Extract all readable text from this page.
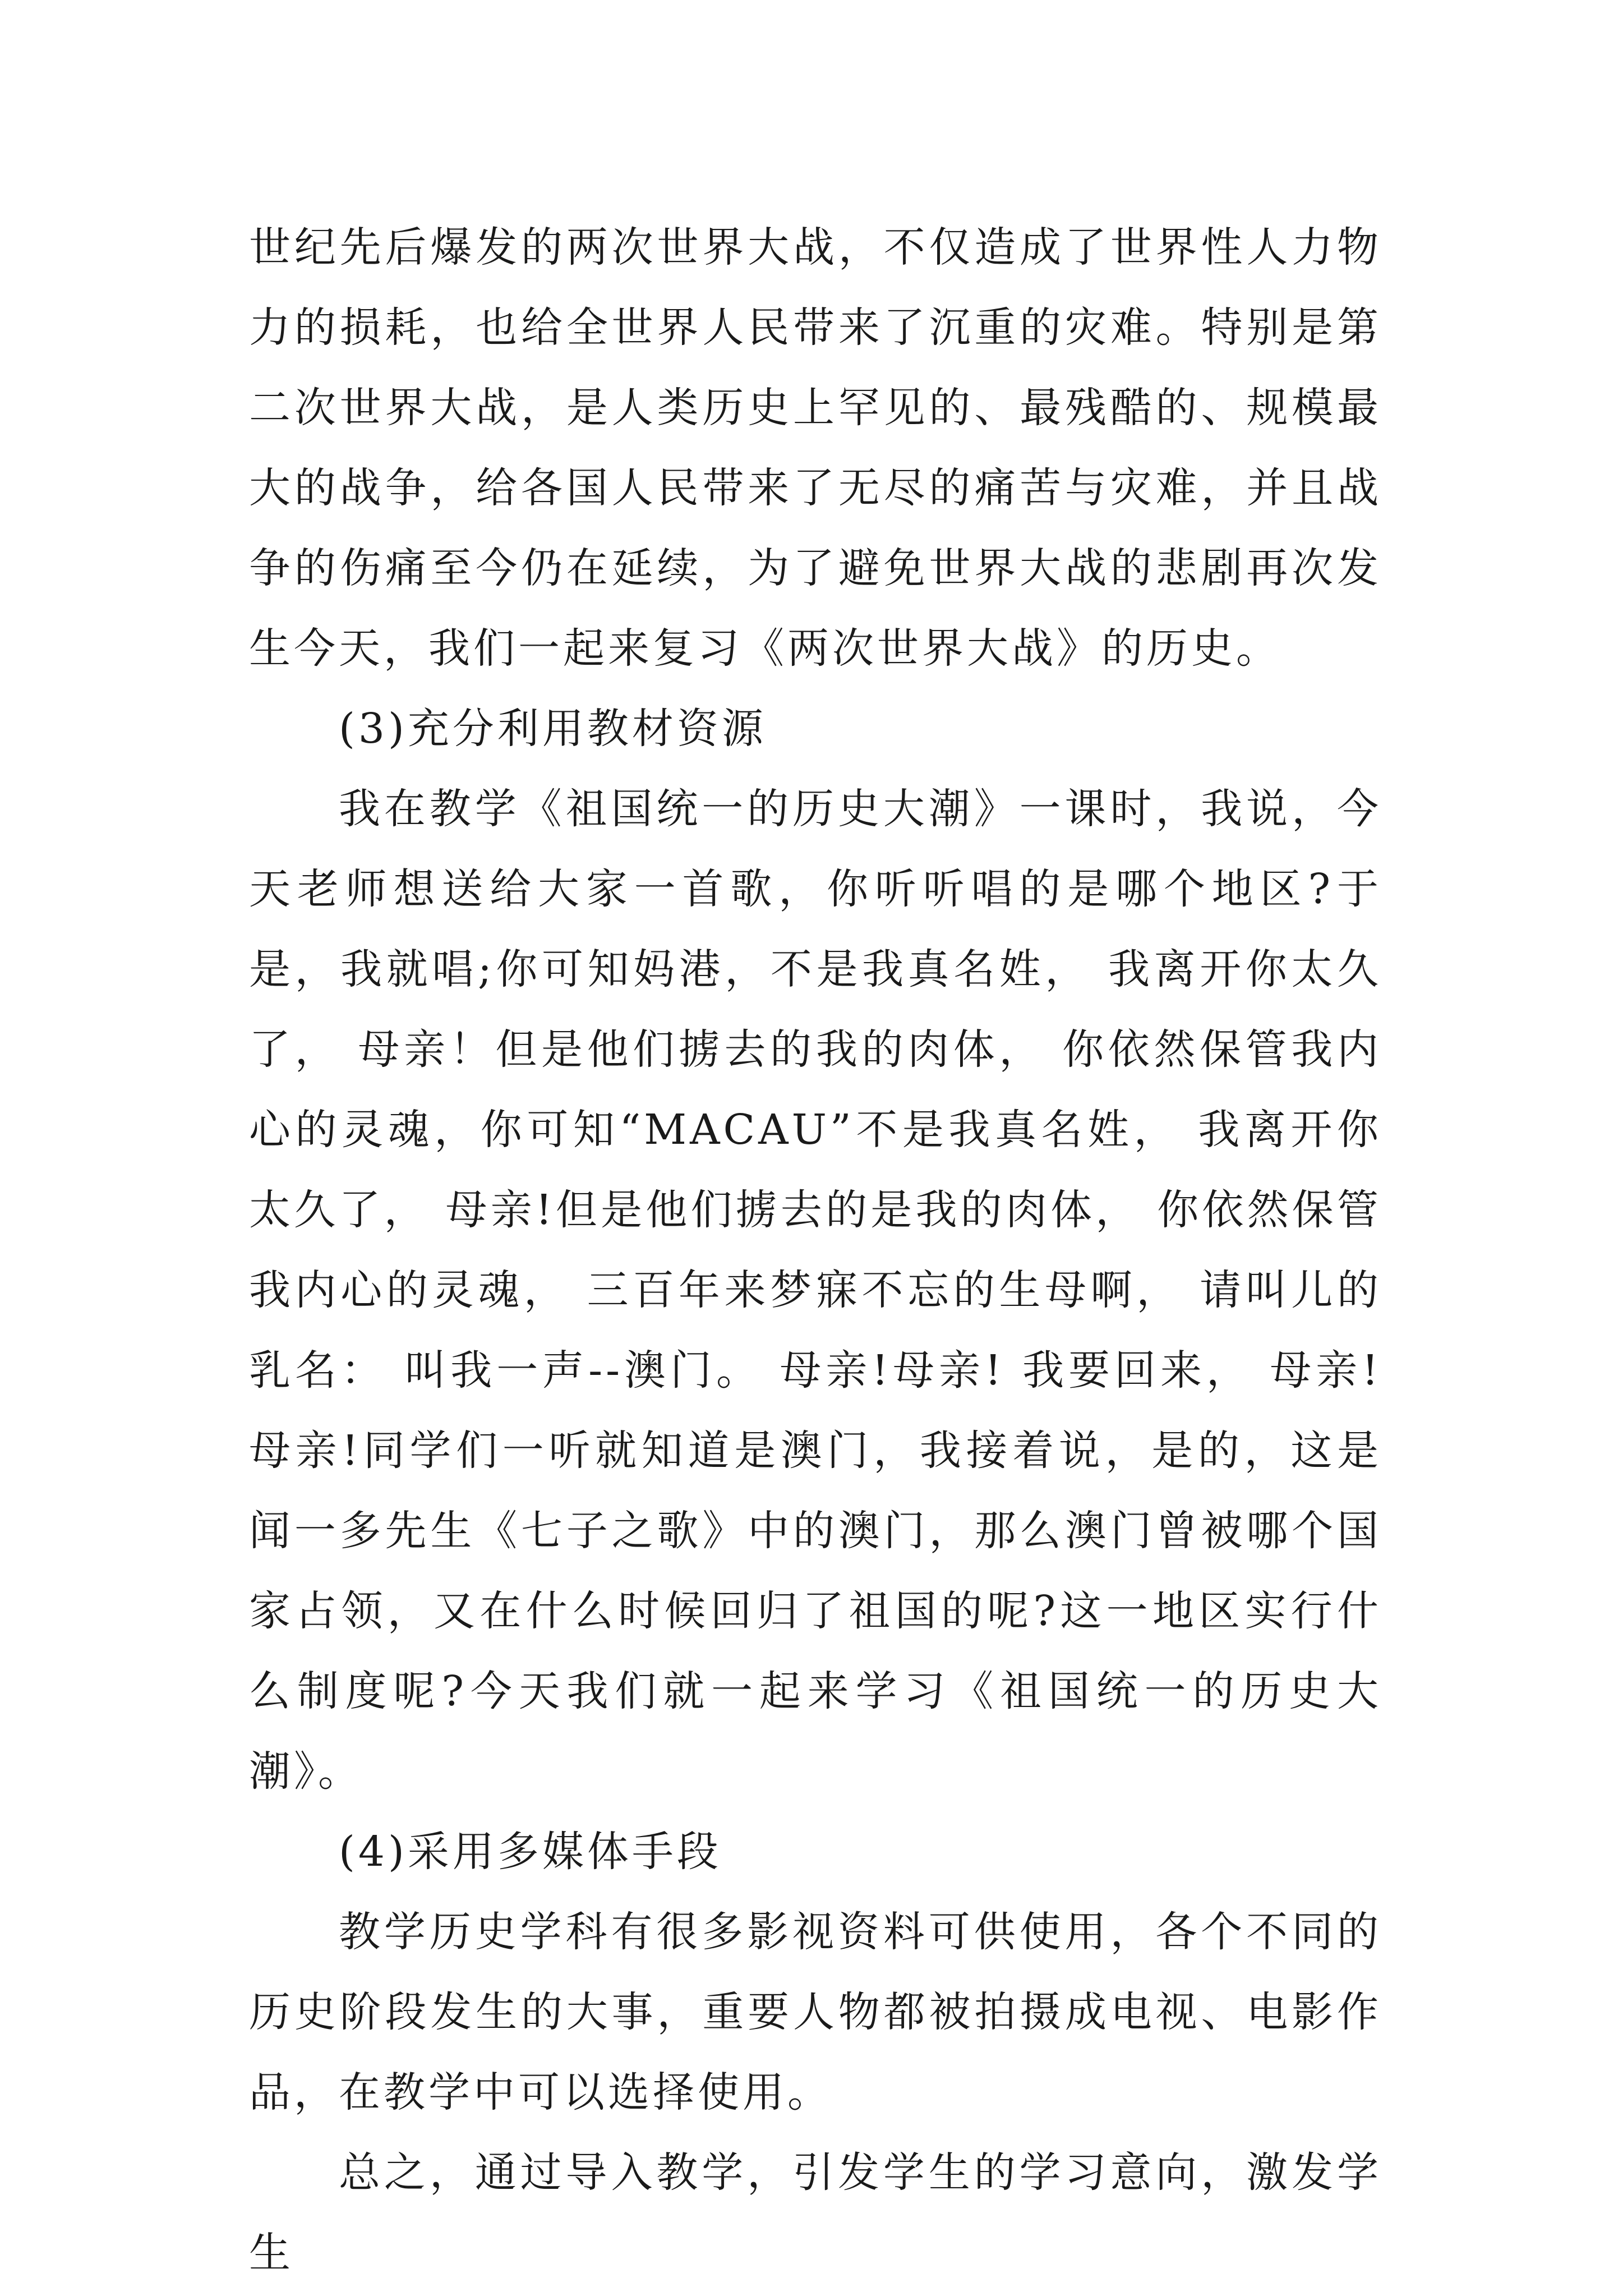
世纪先后爆发的两次世界大战，不仅造成了世界性人力物力的损耗，也给全世界人民带来了沉重的灾难。特别是第二次世界大战，是人类历史上罕见的、最残酷的、规模最大的战争，给各国人民带来了无尽的痛苦与灾难，并且战争的伤痛至今仍在延续，为了避免世界大战的悲剧再次发生今天，我们一起来复习《两次世界大战》的历史。

(3)充分利用教材资源

我在教学《祖国统一的历史大潮》一课时，我说，今天老师想送给大家一首歌，你听听唱的是哪个地区?于是，我就唱;你可知妈港，不是我真名姓， 我离开你太久了， 母亲！但是他们掳去的我的肉体， 你依然保管我内心的灵魂，你可知“MACAU”不是我真名姓， 我离开你太久了， 母亲!但是他们掳去的是我的肉体， 你依然保管我内心的灵魂， 三百年来梦寐不忘的生母啊， 请叫儿的乳名： 叫我一声--澳门。 母亲!母亲! 我要回来， 母亲!母亲!同学们一听就知道是澳门，我接着说，是的，这是闻一多先生《七子之歌》中的澳门，那么澳门曾被哪个国家占领，又在什么时候回归了祖国的呢?这一地区实行什么制度呢?今天我们就一起来学习《祖国统一的历史大潮》。

(4)采用多媒体手段

教学历史学科有很多影视资料可供使用，各个不同的历史阶段发生的大事，重要人物都被拍摄成电视、电影作品，在教学中可以选择使用。

总之，通过导入教学，引发学生的学习意向，激发学生
